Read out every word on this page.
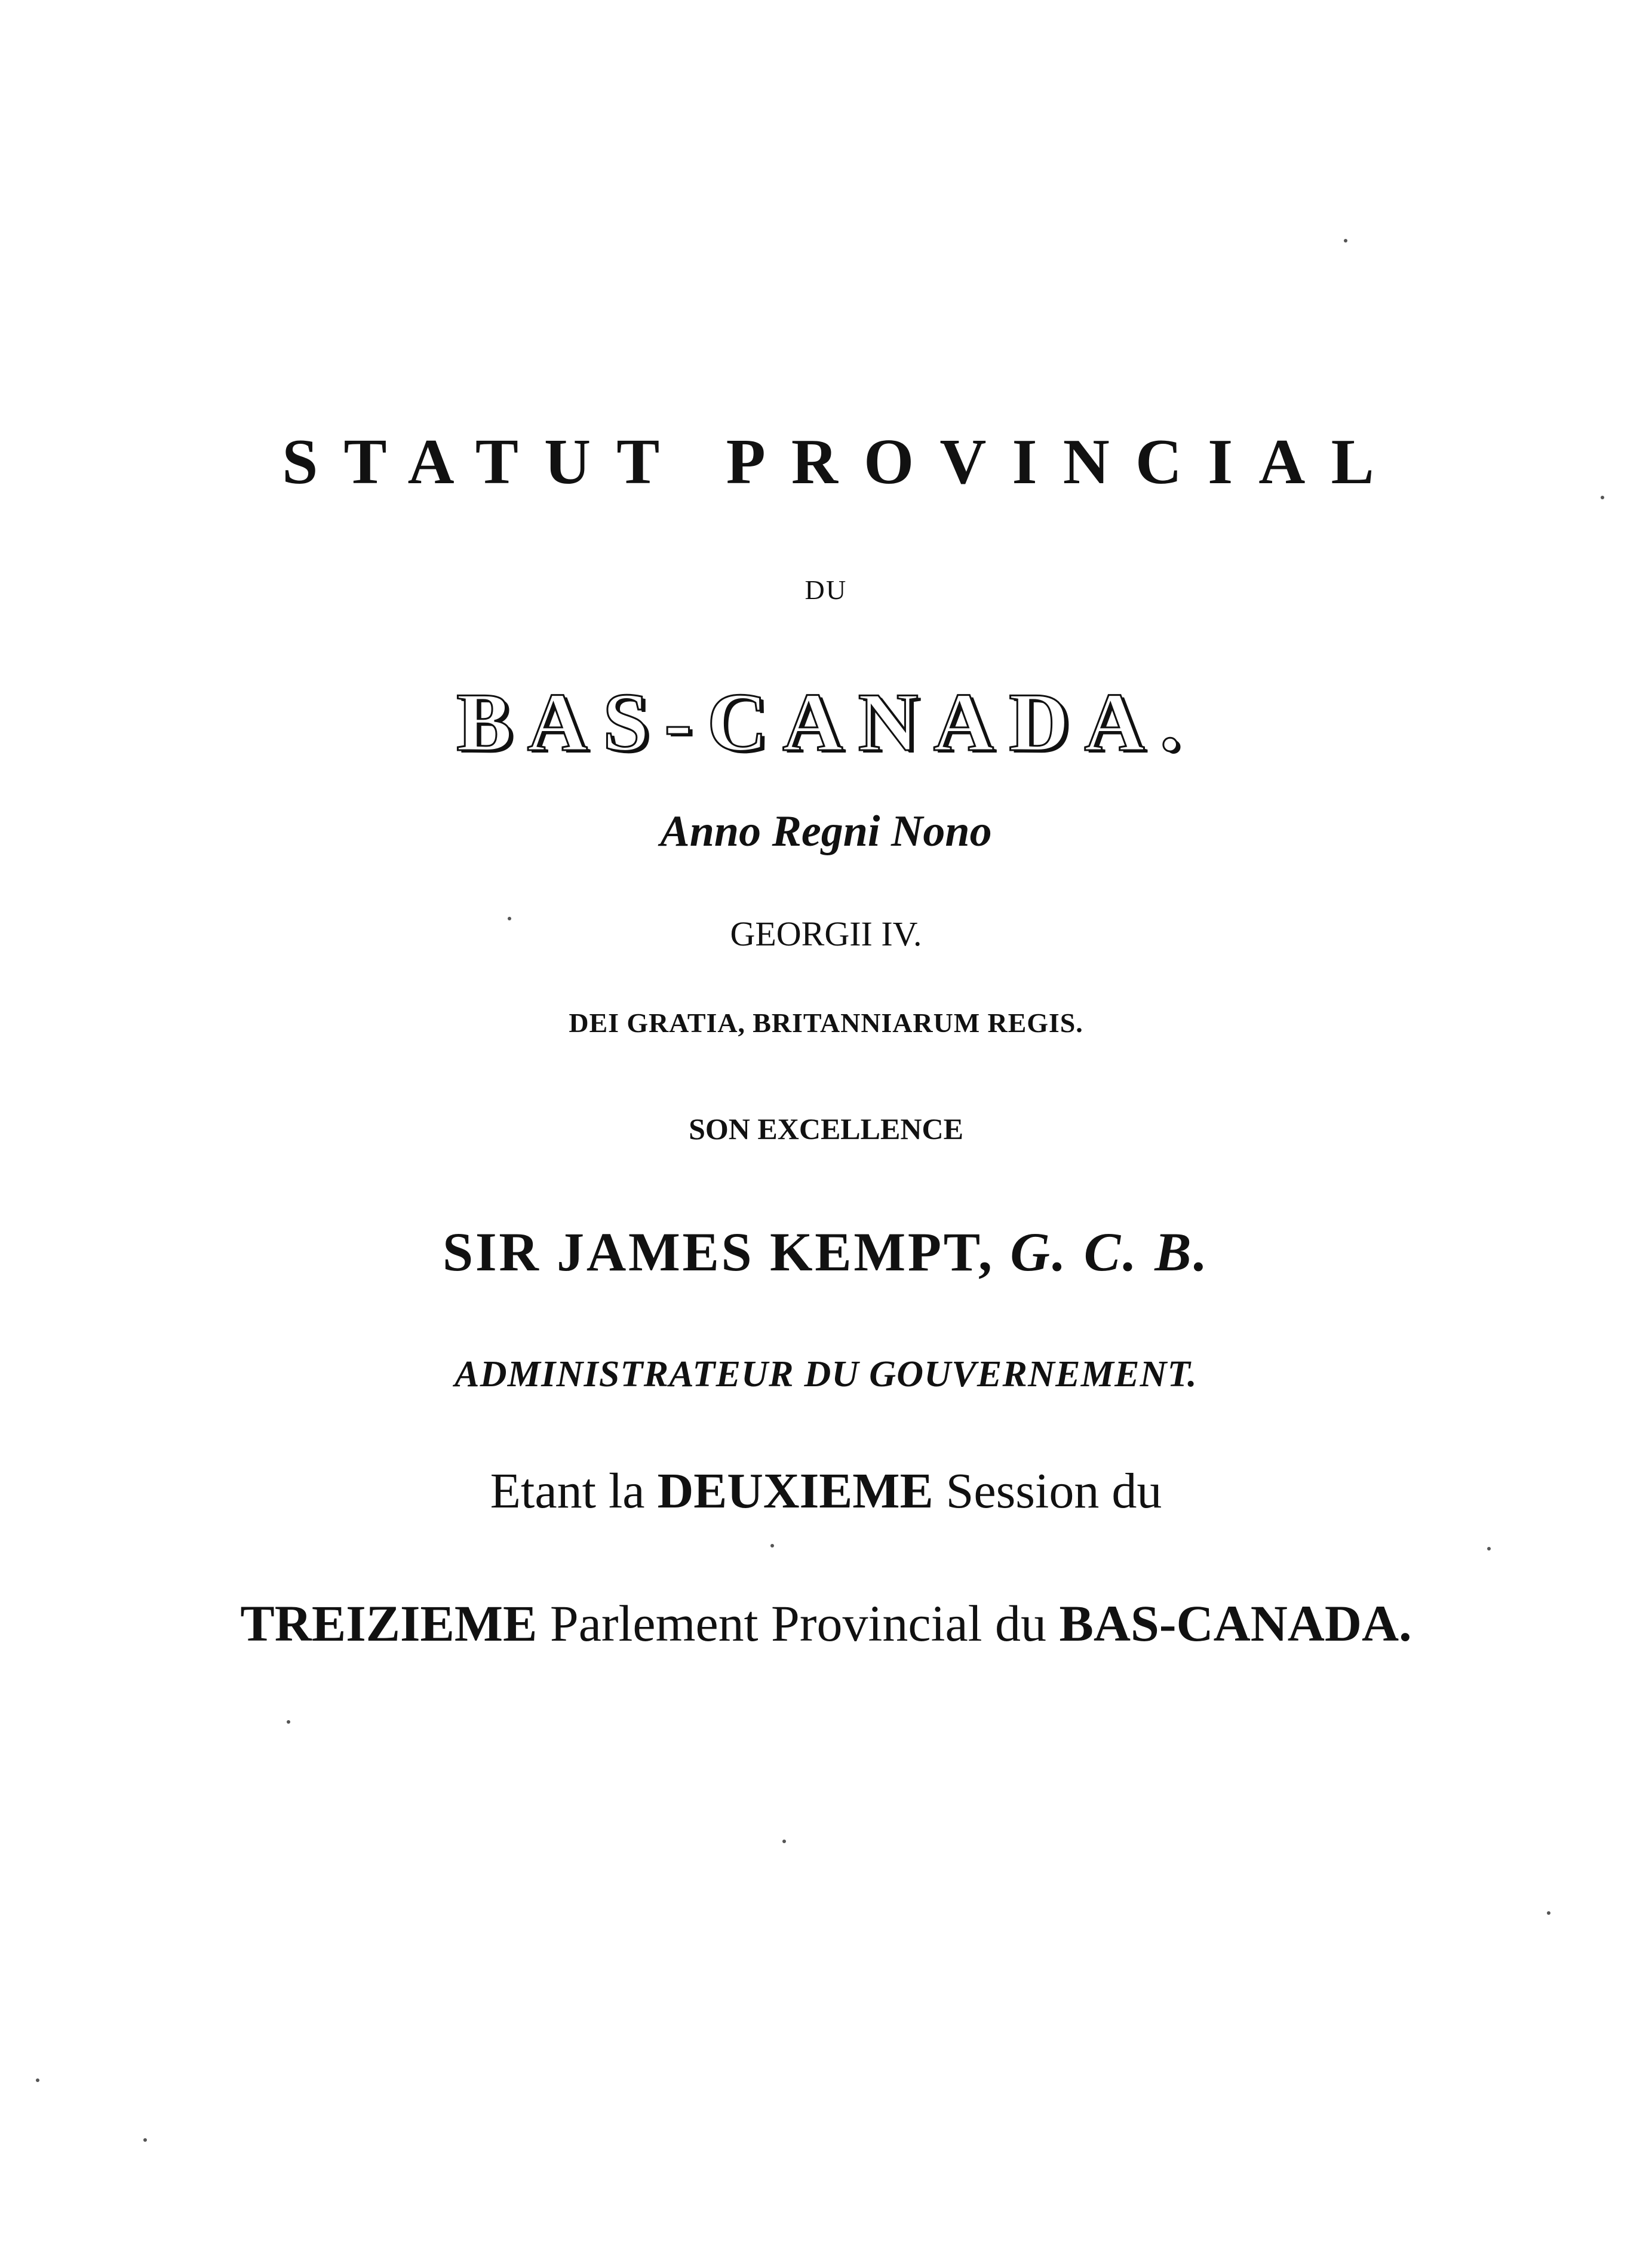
STATUT PROVINCIAL
DU
BAS-CANADA.
Anno Regni Nono
GEORGII IV.
DEI GRATIA, BRITANNIARUM REGIS.
SON EXCELLENCE
SIR JAMES KEMPT, G. C. B.
ADMINISTRATEUR DU GOUVERNEMENT.
Etant la DEUXIEME Session du
TREIZIEME Parlement Provincial du BAS-CANADA.
